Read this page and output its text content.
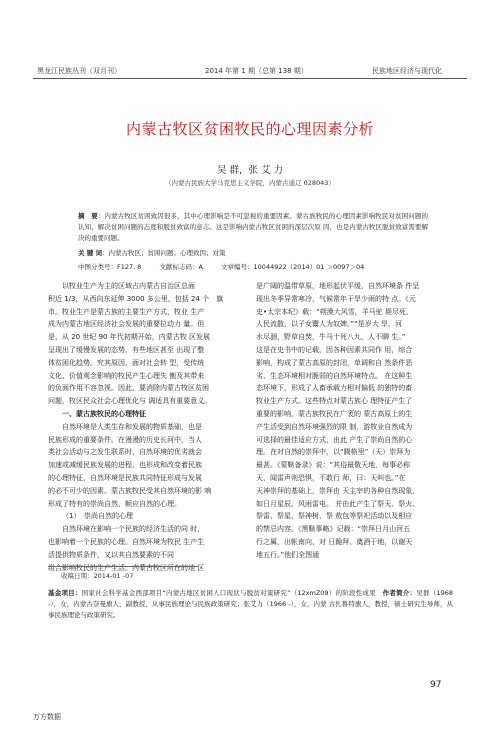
黑龙江民族丛刊（双月刊）	2014 年第 1 期（总第 138 期）	民族地区经济与现代化
内蒙古牧区贫困牧民的心理因素分析
吴 群，张 艾 力
（内蒙古民族大学马克思主义学院，内蒙古通辽 028043）
摘　要：内蒙古牧区贫困致因很多，其中心理影响是不可忽视的重要因素。蒙古族牧民的心理因素影响牧民对贫困问题的认知、解决贫困问题的态度和脱贫致富的意志。这是影响内蒙古牧区贫困的深层次原 因，也是内蒙古牧区脱贫致富需要解决的重要问题。
关 键 词：内蒙古牧区；贫困问题；心理致因；对策
中图分类号：F127. 8	文献标志码：A	文章编号：10044922（2014）01 ＞0097＞04
以牧业生产为主的区域占内蒙古自治区总面
积近 1/3，从西向东延伸 3000 多公里，包括 24 个　旗
市。牧业生产是蒙古族的主要生产方式，牧业 生产
成为内蒙古地区经济社会发展的重要拉动力 量。但
是，从 20 世纪 90 年代初期开始，内蒙古牧 区发展
呈现出了缓慢发展的态势，有些地区甚至 出现了整
体贫困化趋势。究其原因，面对社会转 型，受传统
文化、价值观念影响的牧民产生心理失 衡及其带来
的负面作用不容忽视。因此，要消除内蒙古牧区贫困
问题，牧区民众社会心理优化与 调适具有重要意义。
一、蒙古族牧民的心理特征
自然环境是人类生存和发展的物质基础，也是
民族形成的重要条件。在漫漫的历史长河中，当人
类社会活动与之发生联系时，自然环境的优劣就会
加速或减缓民族发展的进程，也形成和改变着民族
的心理特征，自然环境是民族共同特征形成与发展
的必不可少的因素。蒙古族牧民受其自然环境的影 响
形成了特有的崇尚自然、顺应自然的心理。
（1）　崇尚自然的心理
自然环境在影响一个民族的经济生活的同 时，
也影响着一个民族的心理。自然环境为牧民 生产生
活提供物质条件，又以其自然要素的不同
组合影响牧民的生产生活。内蒙古牧区所在的地 区
是广阔的温带草原，地形起伏平缓，自然环境条 件呈
现出冬季异常寒冷，气候常年干旱少雨的特 点。《元
史•太宗本纪》载：“朔漠大风雪，羊马驼 毙尽死，
人民流散，以子女鬻人为奴婢。”“是岁大 旱，河
水尽涸，野草自焚，牛马十死八九，人不聊 生。”
这是在史书中的记载，因各种因素共同作 用，综合
影响，构成了蒙古高原的封闭，单调和自 然条件恶
劣、生态环境相对脆弱的自然环境特点。 在这种生
态环境下，形成了人畜承载力相对偏低 的独特的畜
牧业生产方式。这些特点对蒙古族心 理特征产生了
重要的影响。蒙古族牧民在广袤的 蒙古高原上的生
产生活受到自然环境强烈的限 制，游牧业自然成为
可选择的最佳适应方式，由此 产生了崇尚自然的心
理。在对自然的崇拜中，以“腾格里”（天）崇拜为
最甚。《蒙鞑备录》说：“其俗最敬天地，每事必称
天，闻雷声则恐惧，不敢行 师，曰：天叫也。”在
天神崇拜的基础上，崇拜由 天主宰的各种自然现象，
如日月星辰、风雨雷电。 并由此产生了祭天、祭火、
祭雷、祭星、祭神树、祭 敖包等祭祀活动以及相应
的禁忌内容。《黑鞑事略》记载：“崇拜日月山河五
行之属，出帐南向，对 日跪拜、奠酒于地，以谢天
地五行。”他们全图通
收稿日期：2014-01 -07
基金项目：国家社会科学基金西部项目“内蒙古地区贫困人口现状与脱贫对策研究”（12xmZ09）的阶段性成果　 作者简介：吴群（1968 -），女，内蒙古奈曼旗人，副教授，从事民族理论与民族政策研究；张艾力（1966 -），女，内蒙 古扎鲁特旗人，教授，硕士研究生导师，从事民族理论与政策研究。
97
万方数据
